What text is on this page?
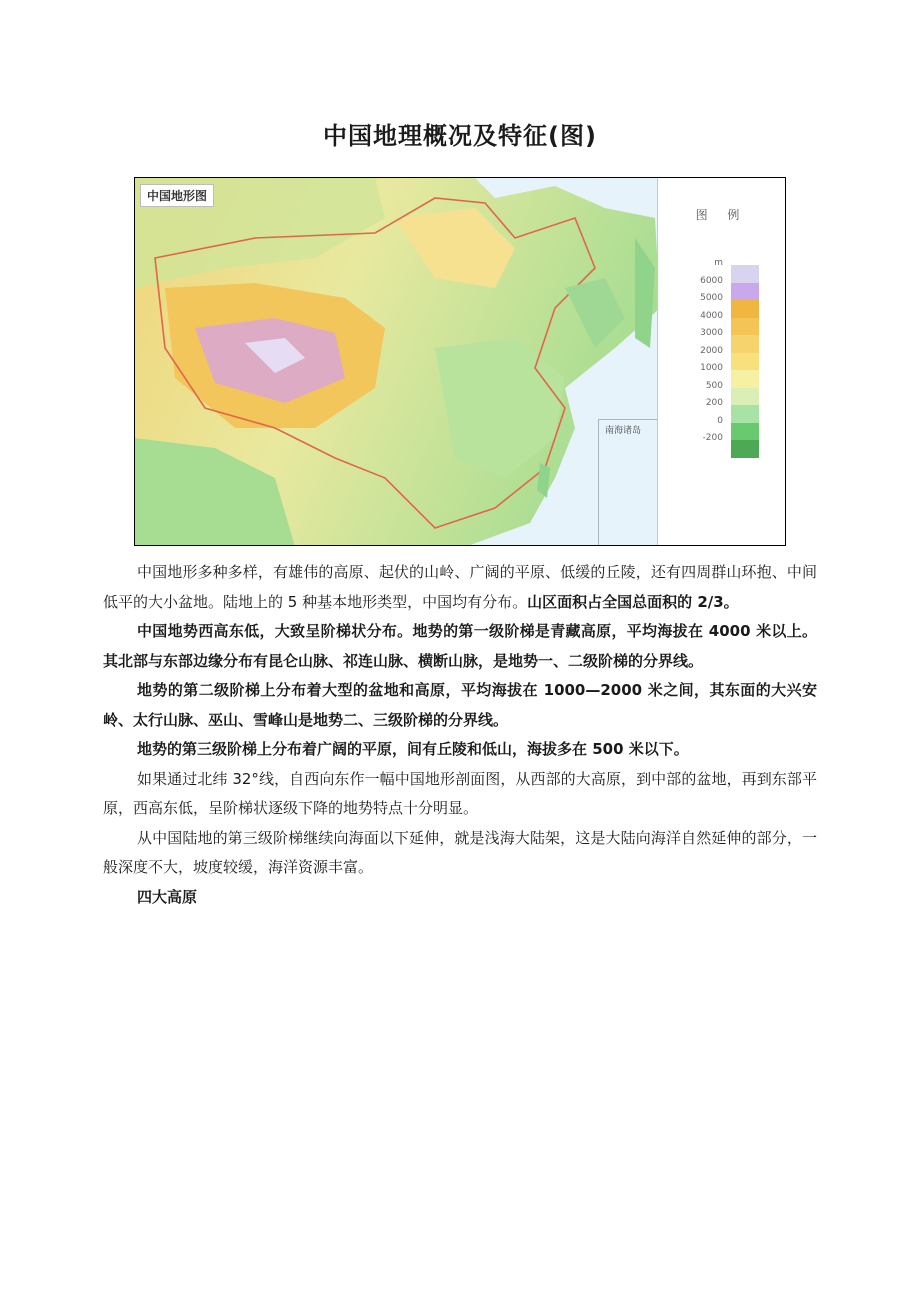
中国地理概况及特征(图)
中国地形图
南海诸岛
图 例
m
6000
5000
4000
3000
2000
1000
500
200
0
-200

中国地形多种多样，有雄伟的高原、起伏的山岭、广阔的平原、低缓的丘陵，还有四周群山环抱、中间低平的大小盆地。陆地上的 5 种基本地形类型，中国均有分布。山区面积占全国总面积的 2/3。

中国地势西高东低，大致呈阶梯状分布。地势的第一级阶梯是青藏高原，平均海拔在 4000 米以上。其北部与东部边缘分布有昆仑山脉、祁连山脉、横断山脉，是地势一、二级阶梯的分界线。

地势的第二级阶梯上分布着大型的盆地和高原，平均海拔在 1000—2000 米之间，其东面的大兴安岭、太行山脉、巫山、雪峰山是地势二、三级阶梯的分界线。

地势的第三级阶梯上分布着广阔的平原，间有丘陵和低山，海拔多在 500 米以下。

如果通过北纬 32°线，自西向东作一幅中国地形剖面图，从西部的大高原，到中部的盆地，再到东部平原，西高东低，呈阶梯状逐级下降的地势特点十分明显。

从中国陆地的第三级阶梯继续向海面以下延伸，就是浅海大陆架，这是大陆向海洋自然延伸的部分，一般深度不大，坡度较缓，海洋资源丰富。

四大高原
